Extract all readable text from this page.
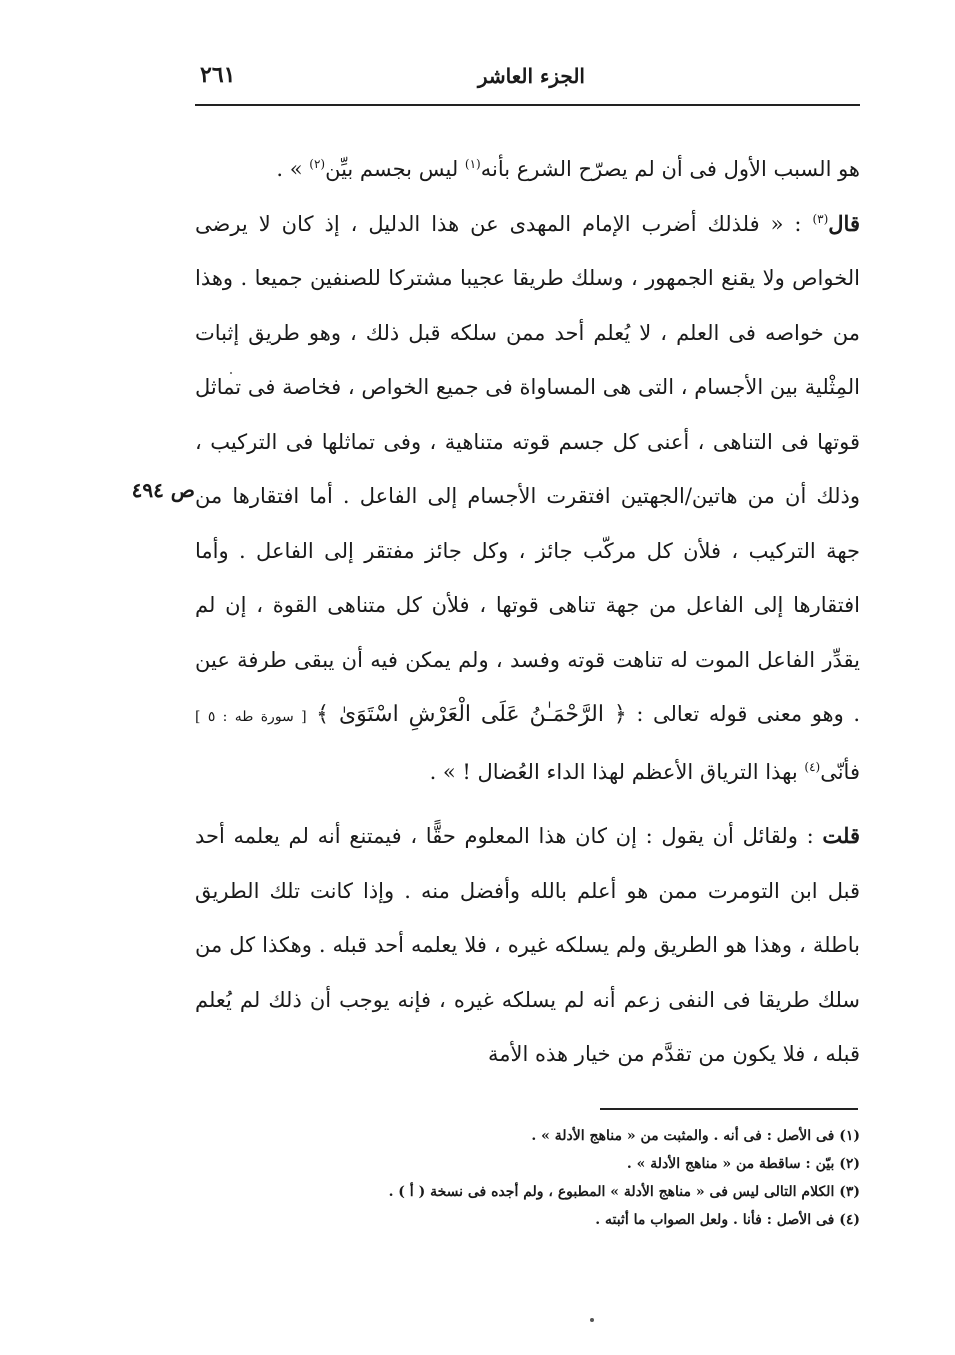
الجزء العاشر
٢٦١
ص ٤٩٤

هو السبب الأول فى أن لم يصرّح الشرع بأنه$^{(١)}$ ليس بجسم بيِّن$^{(٢)}$ » .

قال$^{(٣)}$ : « فلذلك أضرب الإمام المهدى عن هذا الدليل ، إذ كان لا يرضى الخواص ولا يقنع الجمهور ، وسلك طريقا عجيبا مشتركا للصنفين جميعا . وهذا من خواصه فى العلم ، لا يُعلم أحد ممن سلكه قبل ذلك ، وهو طريق إثبات المِثْلية بين الأجسام ، التى هى المساواة فى جميع الخواص ، فخاصة فى تماثل قوتها فى التناهى ، أعنى كل جسم قوته متناهية ، وفى تماثلها فى التركيب ، وذلك أن من هاتين/الجهتين افتقرت الأجسام إلى الفاعل . أما افتقارها من جهة التركيب ، فلأن كل مركّب جائز ، وكل جائز مفتقر إلى الفاعل . وأما افتقارها إلى الفاعل من جهة تناهى قوتها ، فلأن كل متناهى القوة ، إن لم يقدِّر الفاعل الموت له تناهت قوته وفسد ، ولم يمكن فيه أن يبقى طرفة عين . وهو معنى قوله تعالى : ﴿ الرَّحْمَـٰنُ عَلَى الْعَرْشِ اسْتَوَىٰ ﴾ [ سورة طه : ٥ ] فأنّى$^{(٤)}$ بهذا الترياق الأعظم لهذا الداء العُضال ! » .

قلت : ولقائل أن يقول : إن كان هذا المعلوم حقًّا ، فيمتنع أنه لم يعلمه أحد قبل ابن التومرت ممن هو أعلم بالله وأفضل منه . وإذا كانت تلك الطريق باطلة ، وهذا هو الطريق ولم يسلكه غيره ، فلا يعلمه أحد قبله . وهكذا كل من سلك طريقا فى النفى زعم أنه لم يسلكه غيره ، فإنه يوجب أن ذلك لم يُعلم قبله ، فلا يكون من تقدَّم من خيار هذه الأمة

(١) فى الأصل : فى أنه . والمثبت من « مناهج الأدلة » .
(٢) بيّن : ساقطة من « مناهج الأدلة » .
(٣) الكلام التالى ليس فى « مناهج الأدلة » المطبوع ، ولم أجده فى نسخة ( أ ) .
(٤) فى الأصل : فأنا . ولعل الصواب ما أثبته .
